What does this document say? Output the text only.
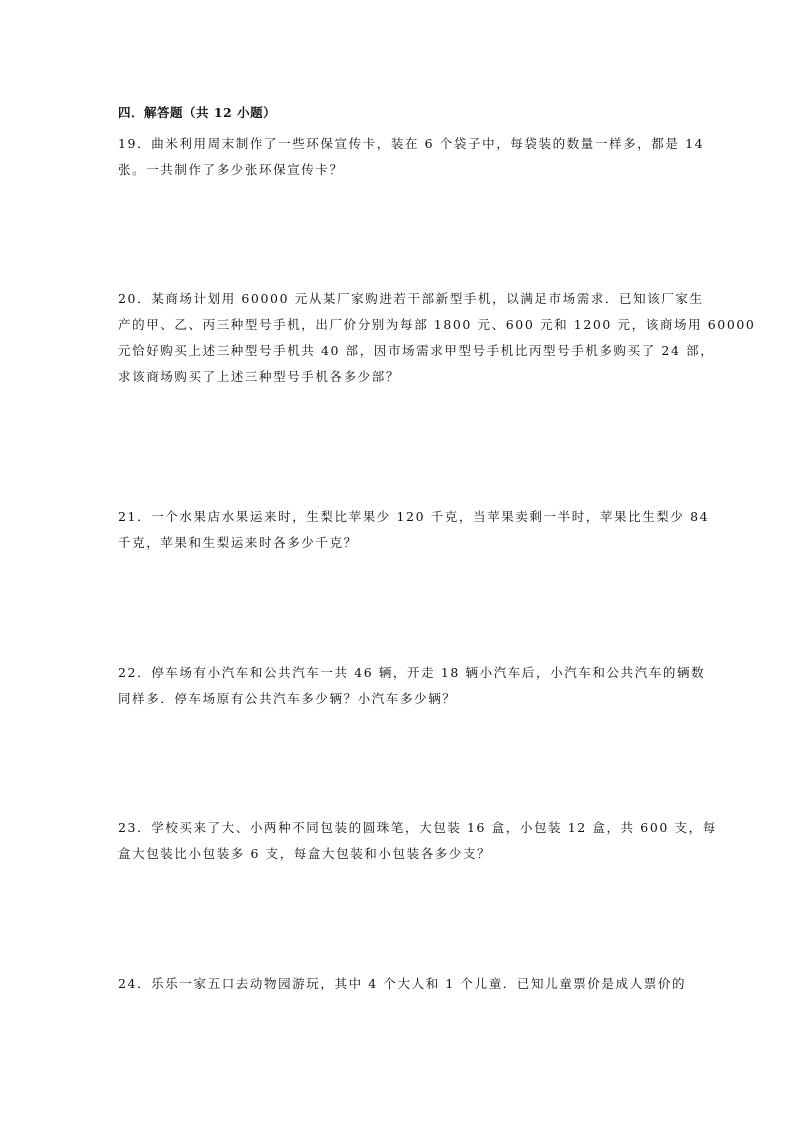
四．解答题（共 12 小题）
19．曲米利用周末制作了一些环保宣传卡，装在 6 个袋子中，每袋装的数量一样多，都是 14
张。一共制作了多少张环保宣传卡？
20．某商场计划用 60000 元从某厂家购进若干部新型手机，以满足市场需求．已知该厂家生
产的甲、乙、丙三种型号手机，出厂价分别为每部 1800 元、600 元和 1200 元，该商场用 60000
元恰好购买上述三种型号手机共 40 部，因市场需求甲型号手机比丙型号手机多购买了 24 部，
求该商场购买了上述三种型号手机各多少部？
21．一个水果店水果运来时，生梨比苹果少 120 千克，当苹果卖剩一半时，苹果比生梨少 84
千克，苹果和生梨运来时各多少千克？
22．停车场有小汽车和公共汽车一共 46 辆，开走 18 辆小汽车后，小汽车和公共汽车的辆数
同样多．停车场原有公共汽车多少辆？小汽车多少辆？
23．学校买来了大、小两种不同包装的圆珠笔，大包装 16 盒，小包装 12 盒，共 600 支，每
盒大包装比小包装多 6 支，每盒大包装和小包装各多少支？
24．乐乐一家五口去动物园游玩，其中 4 个大人和 1 个儿童．已知儿童票价是成人票价的
